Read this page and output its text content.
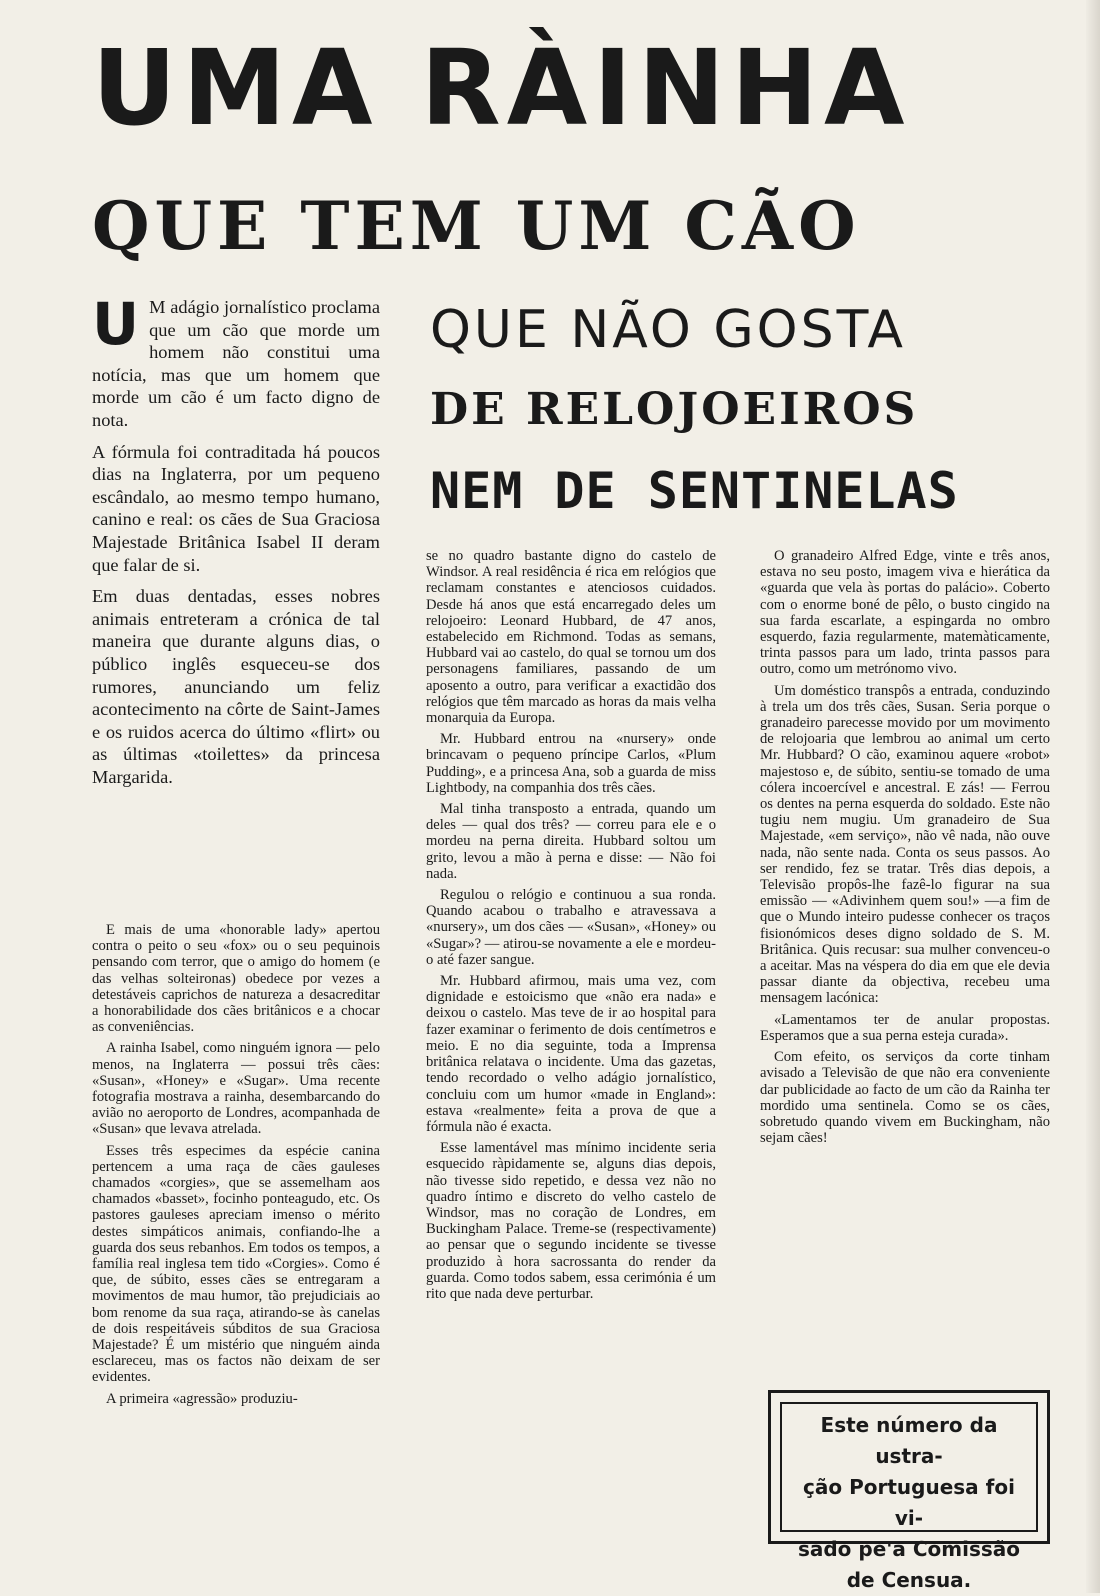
UMA RÀINHA
QUE TEM UM CÃO
QUE NÃO GOSTA
DE RELOJOEIROS
NEM DE SENTINELAS

U M adágio jornalístico proclama que um cão que morde um homem não constitui uma notícia, mas que um homem que morde um cão é um facto digno de nota.

A fórmula foi contraditada há poucos dias na Inglaterra, por um pequeno escândalo, ao mesmo tempo humano, canino e real: os cães de Sua Graciosa Majestade Britânica Isabel II deram que falar de si.

Em duas dentadas, esses nobres animais entreteram a crónica de tal maneira que durante alguns dias, o público inglês esqueceu-se dos rumores, anunciando um feliz acontecimento na côrte de Saint-James e os ruidos acerca do último «flirt» ou as últimas «toilettes» da princesa Margarida.

E mais de uma «honorable lady» apertou contra o peito o seu «fox» ou o seu pequinois pensando com terror, que o amigo do homem (e das velhas solteironas) obedece por vezes a detestáveis caprichos de natureza a desacreditar a honorabilidade dos cães britânicos e a chocar as conveniências.

A rainha Isabel, como ninguém ignora — pelo menos, na Inglaterra — possui três cães: «Susan», «Honey» e «Sugar». Uma recente fotografia mostrava a rainha, desembarcando do avião no aeroporto de Londres, acompanhada de «Susan» que levava atrelada.

Esses três especimes da espécie canina pertencem a uma raça de cães gauleses chamados «corgies», que se assemelham aos chamados «basset», focinho ponteagudo, etc. Os pastores gauleses apreciam imenso o mérito destes simpáticos animais, confiando-lhe a guarda dos seus rebanhos. Em todos os tempos, a família real inglesa tem tido «Corgies». Como é que, de súbito, esses cães se entregaram a movimentos de mau humor, tão prejudiciais ao bom renome da sua raça, atirando-se às canelas de dois respeitáveis súbditos de sua Graciosa Majestade? É um mistério que ninguém ainda esclareceu, mas os factos não deixam de ser evidentes.

A primeira «agressão» produziu-

se no quadro bastante digno do castelo de Windsor. A real residência é rica em relógios que reclamam constantes e atenciosos cuidados. Desde há anos que está encarregado deles um relojoeiro: Leonard Hubbard, de 47 anos, estabelecido em Richmond. Todas as semans, Hubbard vai ao castelo, do qual se tornou um dos personagens familiares, passando de um aposento a outro, para verificar a exactidão dos relógios que têm marcado as horas da mais velha monarquia da Europa.

Mr. Hubbard entrou na «nursery» onde brincavam o pequeno príncipe Carlos, «Plum Pudding», e a princesa Ana, sob a guarda de miss Lightbody, na companhia dos três cães.

Mal tinha transposto a entrada, quando um deles — qual dos três? — correu para ele e o mordeu na perna direita. Hubbard soltou um grito, levou a mão à perna e disse: — Não foi nada.

Regulou o relógio e continuou a sua ronda. Quando acabou o trabalho e atravessava a «nursery», um dos cães — «Susan», «Honey» ou «Sugar»? — atirou-se novamente a ele e mordeu-o até fazer sangue.

Mr. Hubbard afirmou, mais uma vez, com dignidade e estoicismo que «não era nada» e deixou o castelo. Mas teve de ir ao hospital para fazer examinar o ferimento de dois centímetros e meio. E no dia seguinte, toda a Imprensa britânica relatava o incidente. Uma das gazetas, tendo recordado o velho adágio jornalístico, concluiu com um humor «made in England»: estava «realmente» feita a prova de que a fórmula não é exacta.

Esse lamentável mas mínimo incidente seria esquecido ràpidamente se, alguns dias depois, não tivesse sido repetido, e dessa vez não no quadro íntimo e discreto do velho castelo de Windsor, mas no coração de Londres, em Buckingham Palace. Treme-se (respectivamente) ao pensar que o segundo incidente se tivesse produzido à hora sacrossanta do render da guarda. Como todos sabem, essa cerimónia é um rito que nada deve perturbar.

O granadeiro Alfred Edge, vinte e três anos, estava no seu posto, imagem viva e hierática da «guarda que vela às portas do palácio». Coberto com o enorme boné de pêlo, o busto cingido na sua farda escarlate, a espingarda no ombro esquerdo, fazia regularmente, matemàticamente, trinta passos para um lado, trinta passos para outro, como um metrónomo vivo.

Um doméstico transpôs a entrada, conduzindo à trela um dos três cães, Susan. Seria porque o granadeiro parecesse movido por um movimento de relojoaria que lembrou ao animal um certo Mr. Hubbard? O cão, examinou aquere «robot» majestoso e, de súbito, sentiu-se tomado de uma cólera incoercível e ancestral. E zás! — Ferrou os dentes na perna esquerda do soldado. Este não tugiu nem mugiu. Um granadeiro de Sua Majestade, «em serviço», não vê nada, não ouve nada, não sente nada. Conta os seus passos. Ao ser rendido, fez se tratar. Três dias depois, a Televisão propôs-lhe fazê-lo figurar na sua emissão — «Adivinhem quem sou!» —a fim de que o Mundo inteiro pudesse conhecer os traços fisionómicos deses digno soldado de S. M. Britânica. Quis recusar: sua mulher convenceu-o a aceitar. Mas na véspera do dia em que ele devia passar diante da objectiva, recebeu uma mensagem lacónica:

«Lamentamos ter de anular propostas. Esperamos que a sua perna esteja curada».

Com efeito, os serviços da corte tinham avisado a Televisão de que não era conveniente dar publicidade ao facto de um cão da Rainha ter mordido uma sentinela. Como se os cães, sobretudo quando vivem em Buckingham, não sejam cães!

Este número da ustra-
ção Portuguesa foi vi-
sado pe'a Comissão
de Censua.
